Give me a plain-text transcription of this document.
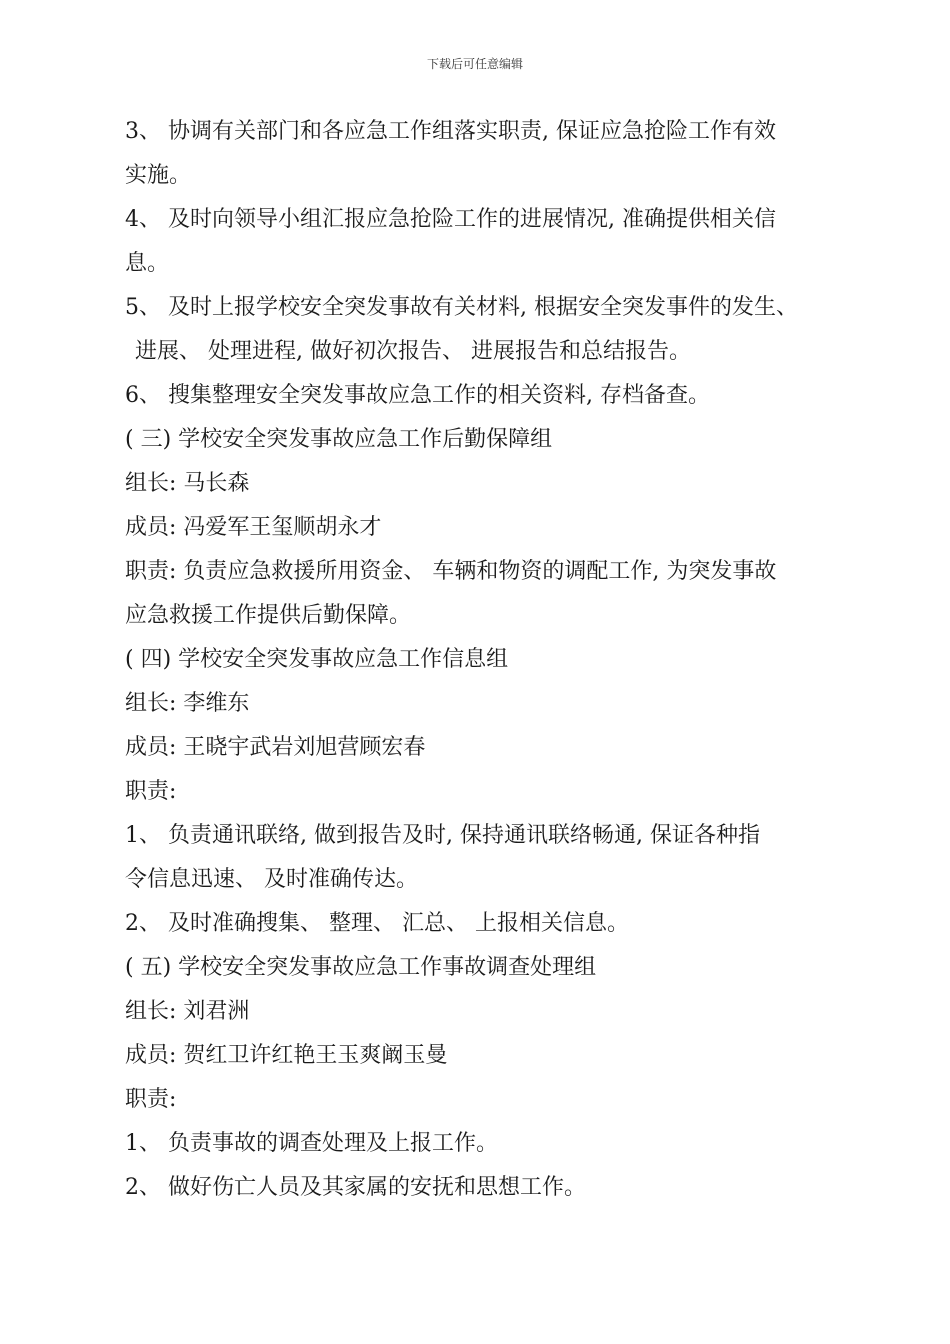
下载后可任意编辑
3、 协调有关部门和各应急工作组落实职责, 保证应急抢险工作有效
实施。
4、 及时向领导小组汇报应急抢险工作的进展情况, 准确提供相关信
息。
5、 及时上报学校安全突发事故有关材料, 根据安全突发事件的发生、
进展、 处理进程, 做好初次报告、 进展报告和总结报告。
6、 搜集整理安全突发事故应急工作的相关资料, 存档备查。
( 三) 学校安全突发事故应急工作后勤保障组
组长: 马长森
成员: 冯爱军王玺顺胡永才
职责: 负责应急救援所用资金、 车辆和物资的调配工作, 为突发事故
应急救援工作提供后勤保障。
( 四) 学校安全突发事故应急工作信息组
组长: 李维东
成员: 王晓宇武岩刘旭营顾宏春
职责:
1、 负责通讯联络, 做到报告及时, 保持通讯联络畅通, 保证各种指
令信息迅速、 及时准确传达。
2、 及时准确搜集、 整理、 汇总、 上报相关信息。
( 五) 学校安全突发事故应急工作事故调查处理组
组长: 刘君洲
成员: 贺红卫许红艳王玉爽阚玉曼
职责:
1、 负责事故的调查处理及上报工作。
2、 做好伤亡人员及其家属的安抚和思想工作。
